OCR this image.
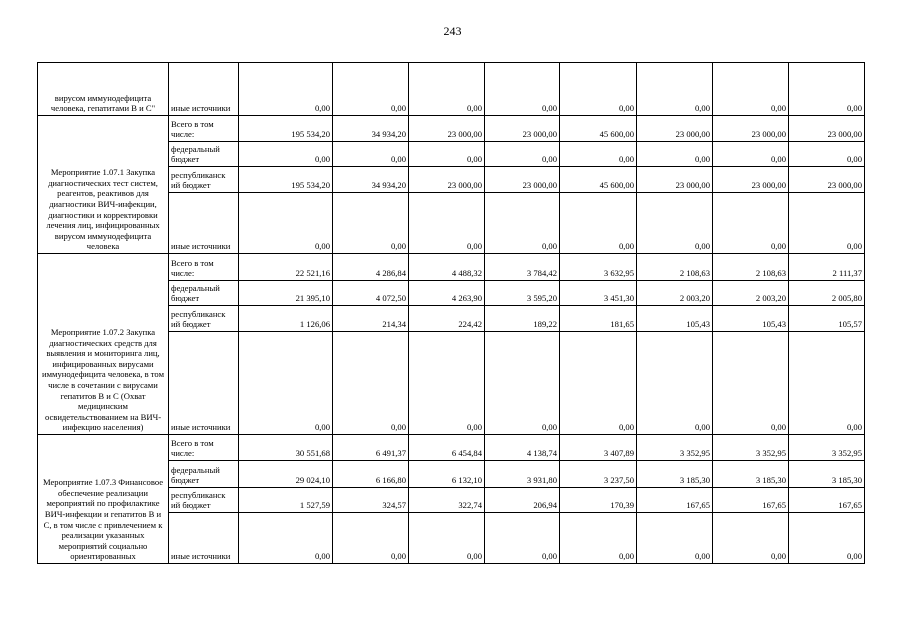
243
вирусом иммунодефицита человека, гепатитами В и С"	иные источники	0,00	0,00	0,00	0,00	0,00	0,00	0,00	0,00
Мероприятие 1.07.1 Закупка диагностических тест систем, реагентов, реактивов для диагностики ВИЧ-инфекции, диагностики и корректировки лечения лиц, инфицированных вирусом иммунодефицита человека	Всего в том
числе:	195 534,20	34 934,20	23 000,00	23 000,00	45 600,00	23 000,00	23 000,00	23 000,00
	федеральный
бюджет	0,00	0,00	0,00	0,00	0,00	0,00	0,00	0,00
	республиканск
ий бюджет	195 534,20	34 934,20	23 000,00	23 000,00	45 600,00	23 000,00	23 000,00	23 000,00
	иные источники	0,00	0,00	0,00	0,00	0,00	0,00	0,00	0,00
Мероприятие 1.07.2 Закупка диагностических средств для выявления и мониторинга лиц, инфицированных вирусами иммунодефицита человека, в том числе в сочетании с вирусами гепатитов В и С (Охват медицинским освидетельствованием на ВИЧ-инфекцию населения)	Всего в том
числе:	22 521,16	4 286,84	4 488,32	3 784,42	3 632,95	2 108,63	2 108,63	2 111,37
	федеральный
бюджет	21 395,10	4 072,50	4 263,90	3 595,20	3 451,30	2 003,20	2 003,20	2 005,80
	республиканск
ий бюджет	1 126,06	214,34	224,42	189,22	181,65	105,43	105,43	105,57
	иные источники	0,00	0,00	0,00	0,00	0,00	0,00	0,00	0,00
Мероприятие 1.07.3 Финансовое обеспечение реализации мероприятий по профилактике ВИЧ-инфекции и гепатитов В и С, в том числе с привлечением к реализации указанных мероприятий социально ориентированных	Всего в том
числе:	30 551,68	6 491,37	6 454,84	4 138,74	3 407,89	3 352,95	3 352,95	3 352,95
	федеральный
бюджет	29 024,10	6 166,80	6 132,10	3 931,80	3 237,50	3 185,30	3 185,30	3 185,30
	республиканск
ий бюджет	1 527,59	324,57	322,74	206,94	170,39	167,65	167,65	167,65
	иные источники	0,00	0,00	0,00	0,00	0,00	0,00	0,00	0,00
